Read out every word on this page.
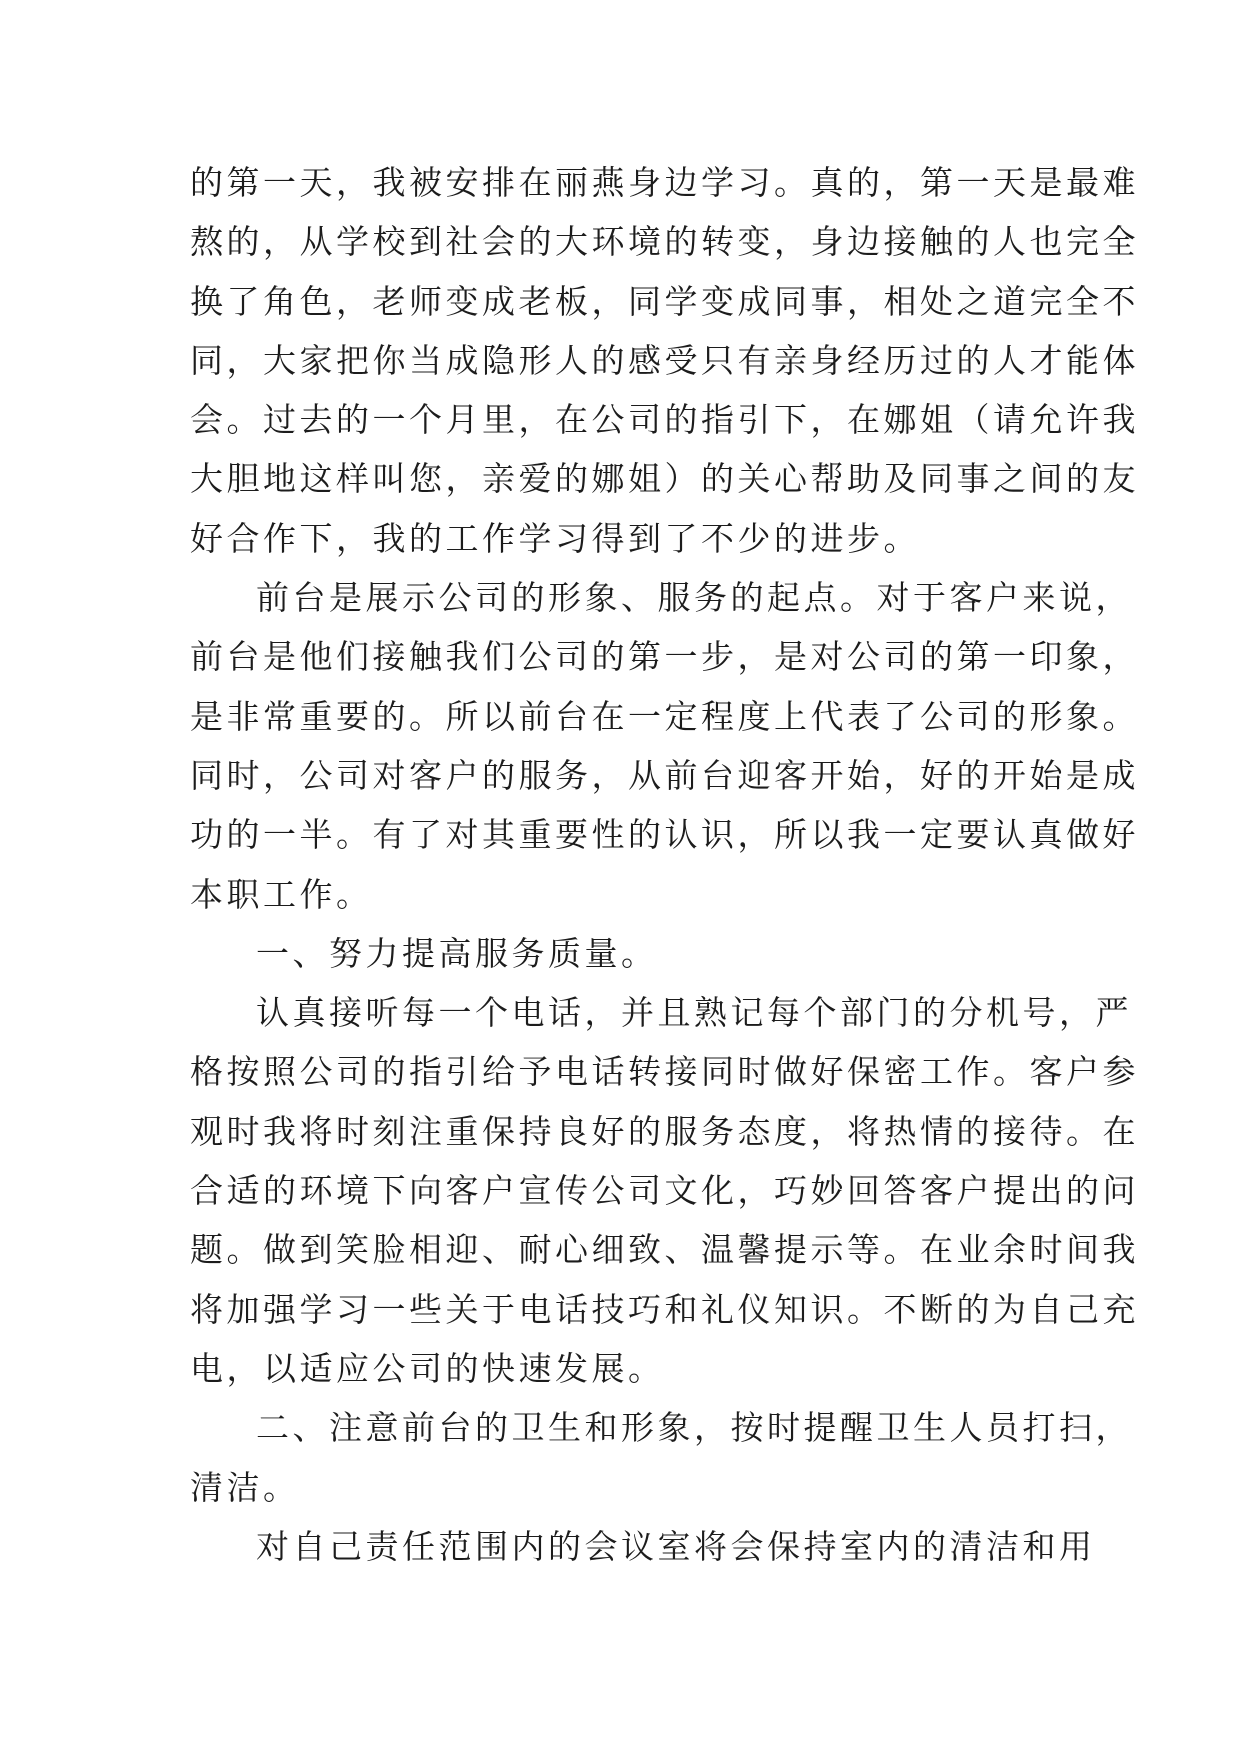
的第一天，我被安排在丽燕身边学习。真的，第一天是最难
熬的，从学校到社会的大环境的转变，身边接触的人也完全
换了角色，老师变成老板，同学变成同事，相处之道完全不
同，大家把你当成隐形人的感受只有亲身经历过的人才能体
会。过去的一个月里，在公司的指引下，在娜姐（请允许我
大胆地这样叫您，亲爱的娜姐）的关心帮助及同事之间的友
好合作下，我的工作学习得到了不少的进步。
前台是展示公司的形象、服务的起点。对于客户来说，
前台是他们接触我们公司的第一步，是对公司的第一印象，
是非常重要的。所以前台在一定程度上代表了公司的形象。
同时，公司对客户的服务，从前台迎客开始，好的开始是成
功的一半。有了对其重要性的认识，所以我一定要认真做好
本职工作。
一、努力提高服务质量。
认真接听每一个电话，并且熟记每个部门的分机号，严
格按照公司的指引给予电话转接同时做好保密工作。客户参
观时我将时刻注重保持良好的服务态度，将热情的接待。在
合适的环境下向客户宣传公司文化，巧妙回答客户提出的问
题。做到笑脸相迎、耐心细致、温馨提示等。在业余时间我
将加强学习一些关于电话技巧和礼仪知识。不断的为自己充
电，以适应公司的快速发展。
二、注意前台的卫生和形象，按时提醒卫生人员打扫，
清洁。
对自己责任范围内的会议室将会保持室内的清洁和用
